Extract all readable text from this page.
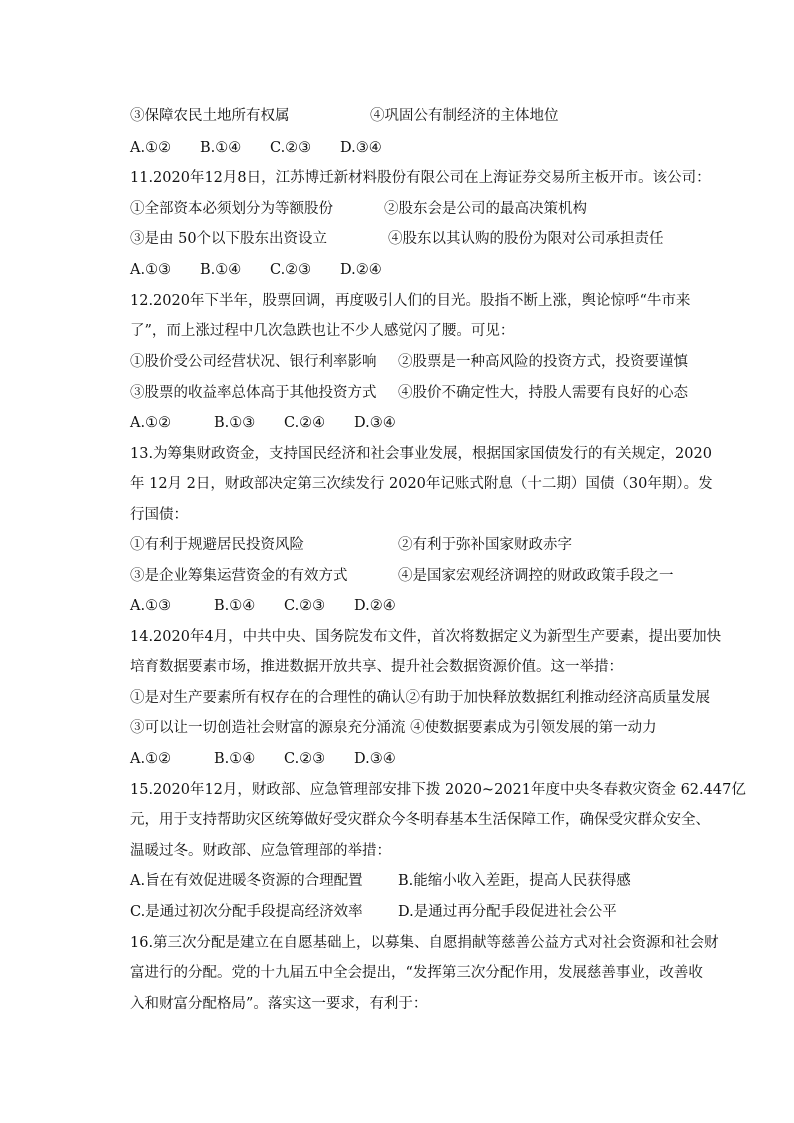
③保障农民土地所有权属	④巩固公有制经济的主体地位
A.①② B.①④ C.②③ D.③④
11.2020年12月8日，江苏博迁新材料股份有限公司在上海证券交易所主板开市。该公司：
①全部资本必须划分为等额股份	②股东会是公司的最高决策机构
③是由 50个以下股东出资设立	④股东以其认购的股份为限对公司承担责任
A.①③ B.①④ C.②③ D.②④
12.2020年下半年，股票回调，再度吸引人们的目光。股指不断上涨，舆论惊呼“牛市来
了”，而上涨过程中几次急跌也让不少人感觉闪了腰。可见：
①股价受公司经营状况、银行利率影响 ②股票是一种高风险的投资方式，投资要谨慎
③股票的收益率总体高于其他投资方式 ④股价不确定性大，持股人需要有良好的心态
A.①②	B.①③ C.②④ D.③④
13.为筹集财政资金，支持国民经济和社会事业发展，根据国家国债发行的有关规定，2020
年 12月 2日，财政部决定第三次续发行 2020年记账式附息（十二期）国债（30年期）。发
行国债：
①有利于规避居民投资风险	②有利于弥补国家财政赤字
③是企业筹集运营资金的有效方式	④是国家宏观经济调控的财政政策手段之一
A.①③	B.①④ C.②③ D.②④
14.2020年4月，中共中央、国务院发布文件，首次将数据定义为新型生产要素，提出要加快
培育数据要素市场，推进数据开放共享、提升社会数据资源价值。这一举措：
①是对生产要素所有权存在的合理性的确认②有助于加快释放数据红利推动经济高质量发展
③可以让一切创造社会财富的源泉充分涌流 ④使数据要素成为引领发展的第一动力
A.①②	B.①④ C.②③ D.③④
15.2020年12月，财政部、应急管理部安排下拨 2020~2021年度中央冬春救灾资金 62.447亿
元，用于支持帮助灾区统筹做好受灾群众今冬明春基本生活保障工作，确保受灾群众安全、
温暖过冬。财政部、应急管理部的举措：
A.旨在有效促进暖冬资源的合理配置 B.能缩小收入差距，提高人民获得感
C.是通过初次分配手段提高经济效率 D.是通过再分配手段促进社会公平
16.第三次分配是建立在自愿基础上，以募集、自愿捐献等慈善公益方式对社会资源和社会财
富进行的分配。党的十九届五中全会提出，“发挥第三次分配作用，发展慈善事业，改善收
入和财富分配格局”。落实这一要求，有利于：
